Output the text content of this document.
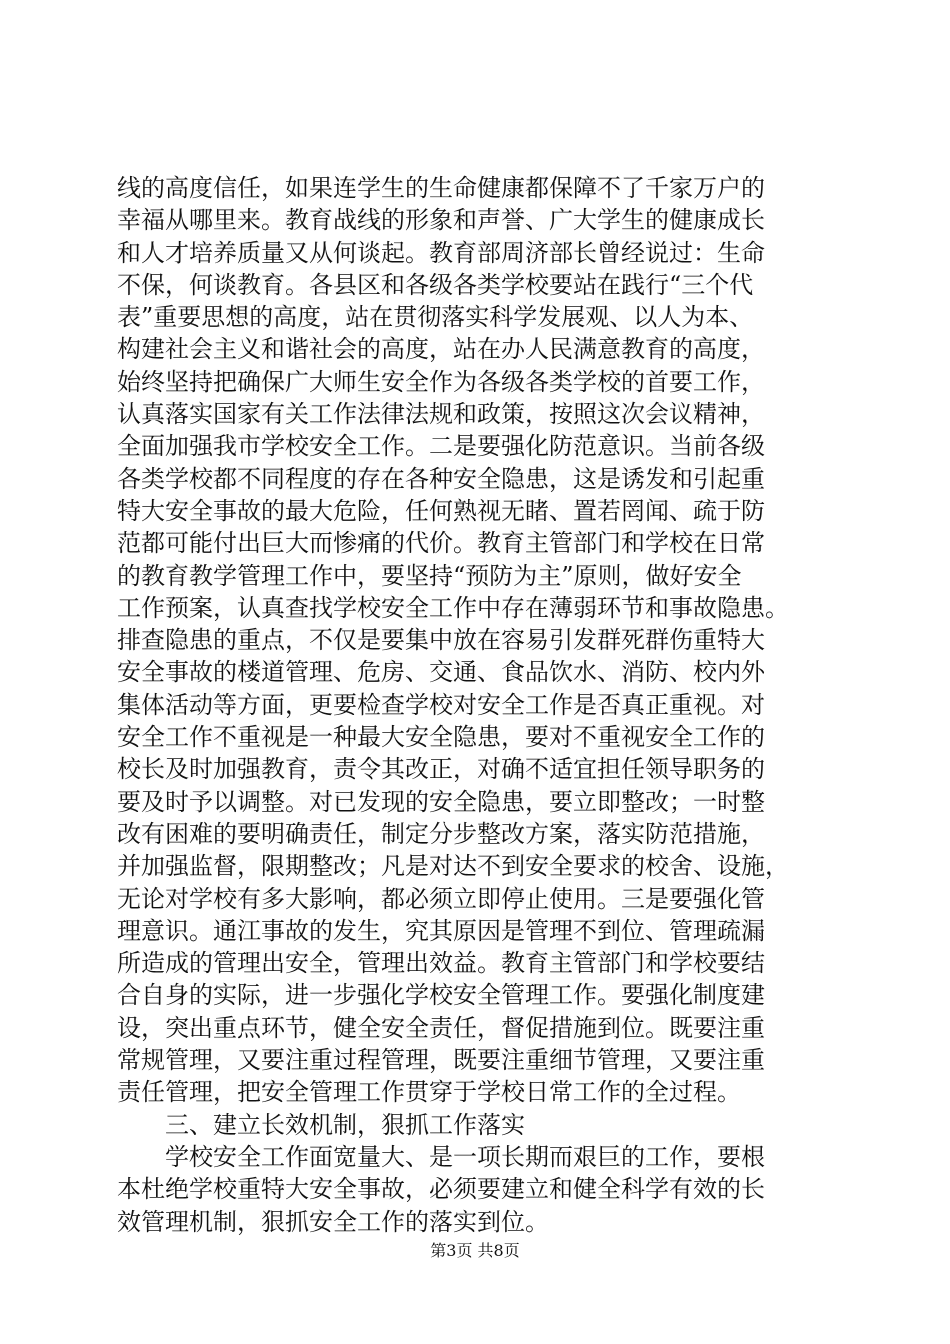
线的高度信任，如果连学生的生命健康都保障不了千家万户的
幸福从哪里来。教育战线的形象和声誉、广大学生的健康成长
和人才培养质量又从何谈起。教育部周济部长曾经说过：生命
不保，何谈教育。各县区和各级各类学校要站在践行“三个代
表”重要思想的高度，站在贯彻落实科学发展观、以人为本、
构建社会主义和谐社会的高度，站在办人民满意教育的高度，
始终坚持把确保广大师生安全作为各级各类学校的首要工作，
认真落实国家有关工作法律法规和政策，按照这次会议精神，
全面加强我市学校安全工作。二是要强化防范意识。当前各级
各类学校都不同程度的存在各种安全隐患，这是诱发和引起重
特大安全事故的最大危险，任何熟视无睹、置若罔闻、疏于防
范都可能付出巨大而惨痛的代价。教育主管部门和学校在日常
的教育教学管理工作中，要坚持“预防为主”原则，做好安全
工作预案，认真查找学校安全工作中存在薄弱环节和事故隐患。
排查隐患的重点，不仅是要集中放在容易引发群死群伤重特大
安全事故的楼道管理、危房、交通、食品饮水、消防、校内外
集体活动等方面，更要检查学校对安全工作是否真正重视。对
安全工作不重视是一种最大安全隐患，要对不重视安全工作的
校长及时加强教育，责令其改正，对确不适宜担任领导职务的
要及时予以调整。对已发现的安全隐患，要立即整改；一时整
改有困难的要明确责任，制定分步整改方案，落实防范措施，
并加强监督，限期整改；凡是对达不到安全要求的校舍、设施，
无论对学校有多大影响，都必须立即停止使用。三是要强化管
理意识。通江事故的发生，究其原因是管理不到位、管理疏漏
所造成的管理出安全，管理出效益。教育主管部门和学校要结
合自身的实际，进一步强化学校安全管理工作。要强化制度建
设，突出重点环节，健全安全责任，督促措施到位。既要注重
常规管理，又要注重过程管理，既要注重细节管理，又要注重
责任管理，把安全管理工作贯穿于学校日常工作的全过程。
三、建立长效机制，狠抓工作落实
学校安全工作面宽量大、是一项长期而艰巨的工作，要根
本杜绝学校重特大安全事故，必须要建立和健全科学有效的长
效管理机制，狠抓安全工作的落实到位。
第3页 共8页
